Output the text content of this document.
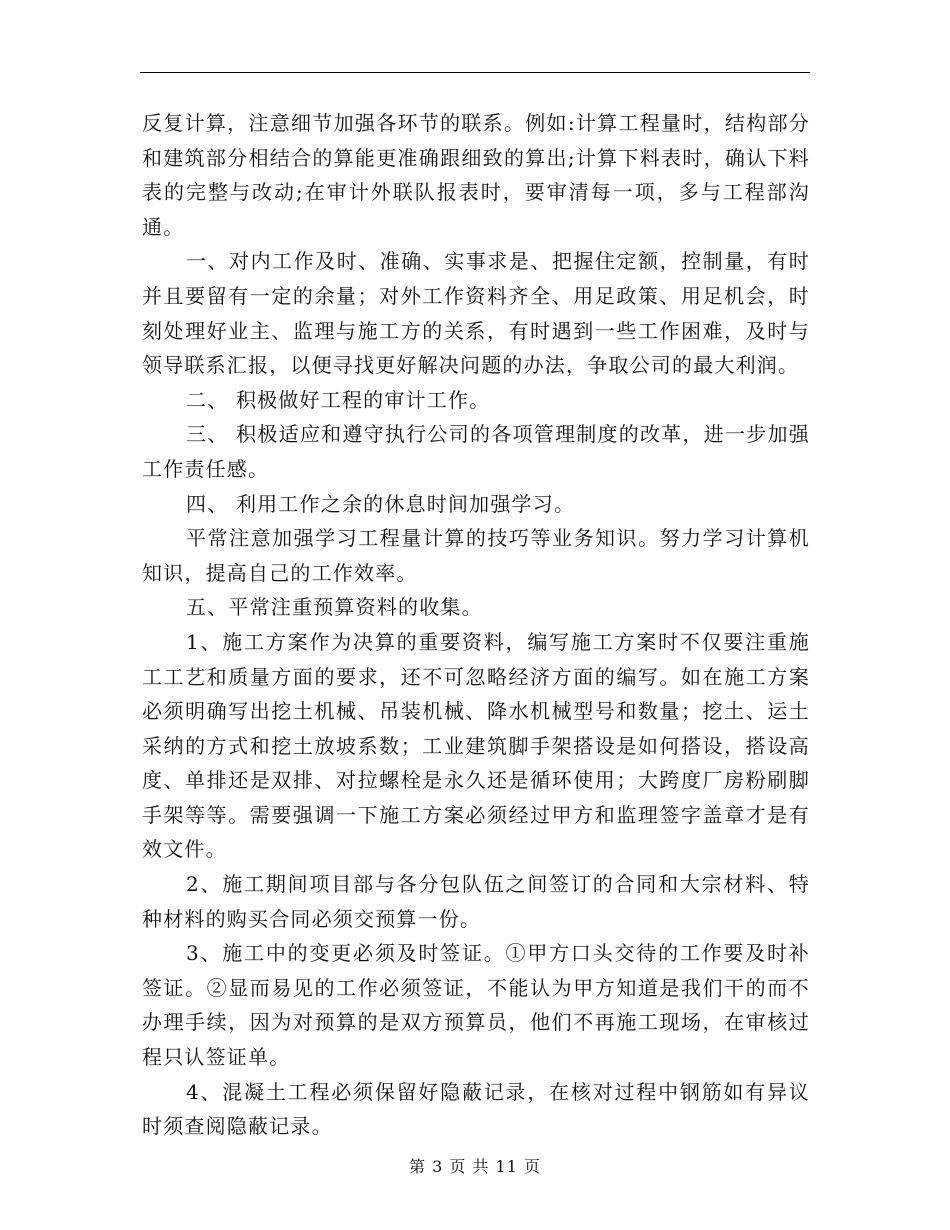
反复计算，注意细节加强各环节的联系。例如:计算工程量时，结构部分和建筑部分相结合的算能更准确跟细致的算出;计算下料表时，确认下料表的完整与改动;在审计外联队报表时，要审清每一项，多与工程部沟通。

一、对内工作及时、准确、实事求是、把握住定额，控制量，有时并且要留有一定的余量；对外工作资料齐全、用足政策、用足机会，时刻处理好业主、监理与施工方的关系，有时遇到一些工作困难，及时与领导联系汇报，以便寻找更好解决问题的办法，争取公司的最大利润。

二、 积极做好工程的审计工作。

三、 积极适应和遵守执行公司的各项管理制度的改革，进一步加强工作责任感。

四、 利用工作之余的休息时间加强学习。

平常注意加强学习工程量计算的技巧等业务知识。努力学习计算机知识，提高自己的工作效率。

五、平常注重预算资料的收集。

1、施工方案作为决算的重要资料，编写施工方案时不仅要注重施工工艺和质量方面的要求，还不可忽略经济方面的编写。如在施工方案必须明确写出挖土机械、吊装机械、降水机械型号和数量；挖土、运土采纳的方式和挖土放坡系数；工业建筑脚手架搭设是如何搭设，搭设高度、单排还是双排、对拉螺栓是永久还是循环使用；大跨度厂房粉刷脚手架等等。需要强调一下施工方案必须经过甲方和监理签字盖章才是有效文件。

2、施工期间项目部与各分包队伍之间签订的合同和大宗材料、特种材料的购买合同必须交预算一份。

3、施工中的变更必须及时签证。①甲方口头交待的工作要及时补签证。②显而易见的工作必须签证，不能认为甲方知道是我们干的而不办理手续，因为对预算的是双方预算员，他们不再施工现场，在审核过程只认签证单。

4、混凝土工程必须保留好隐蔽记录，在核对过程中钢筋如有异议时须查阅隐蔽记录。

第 3 页 共 11 页
